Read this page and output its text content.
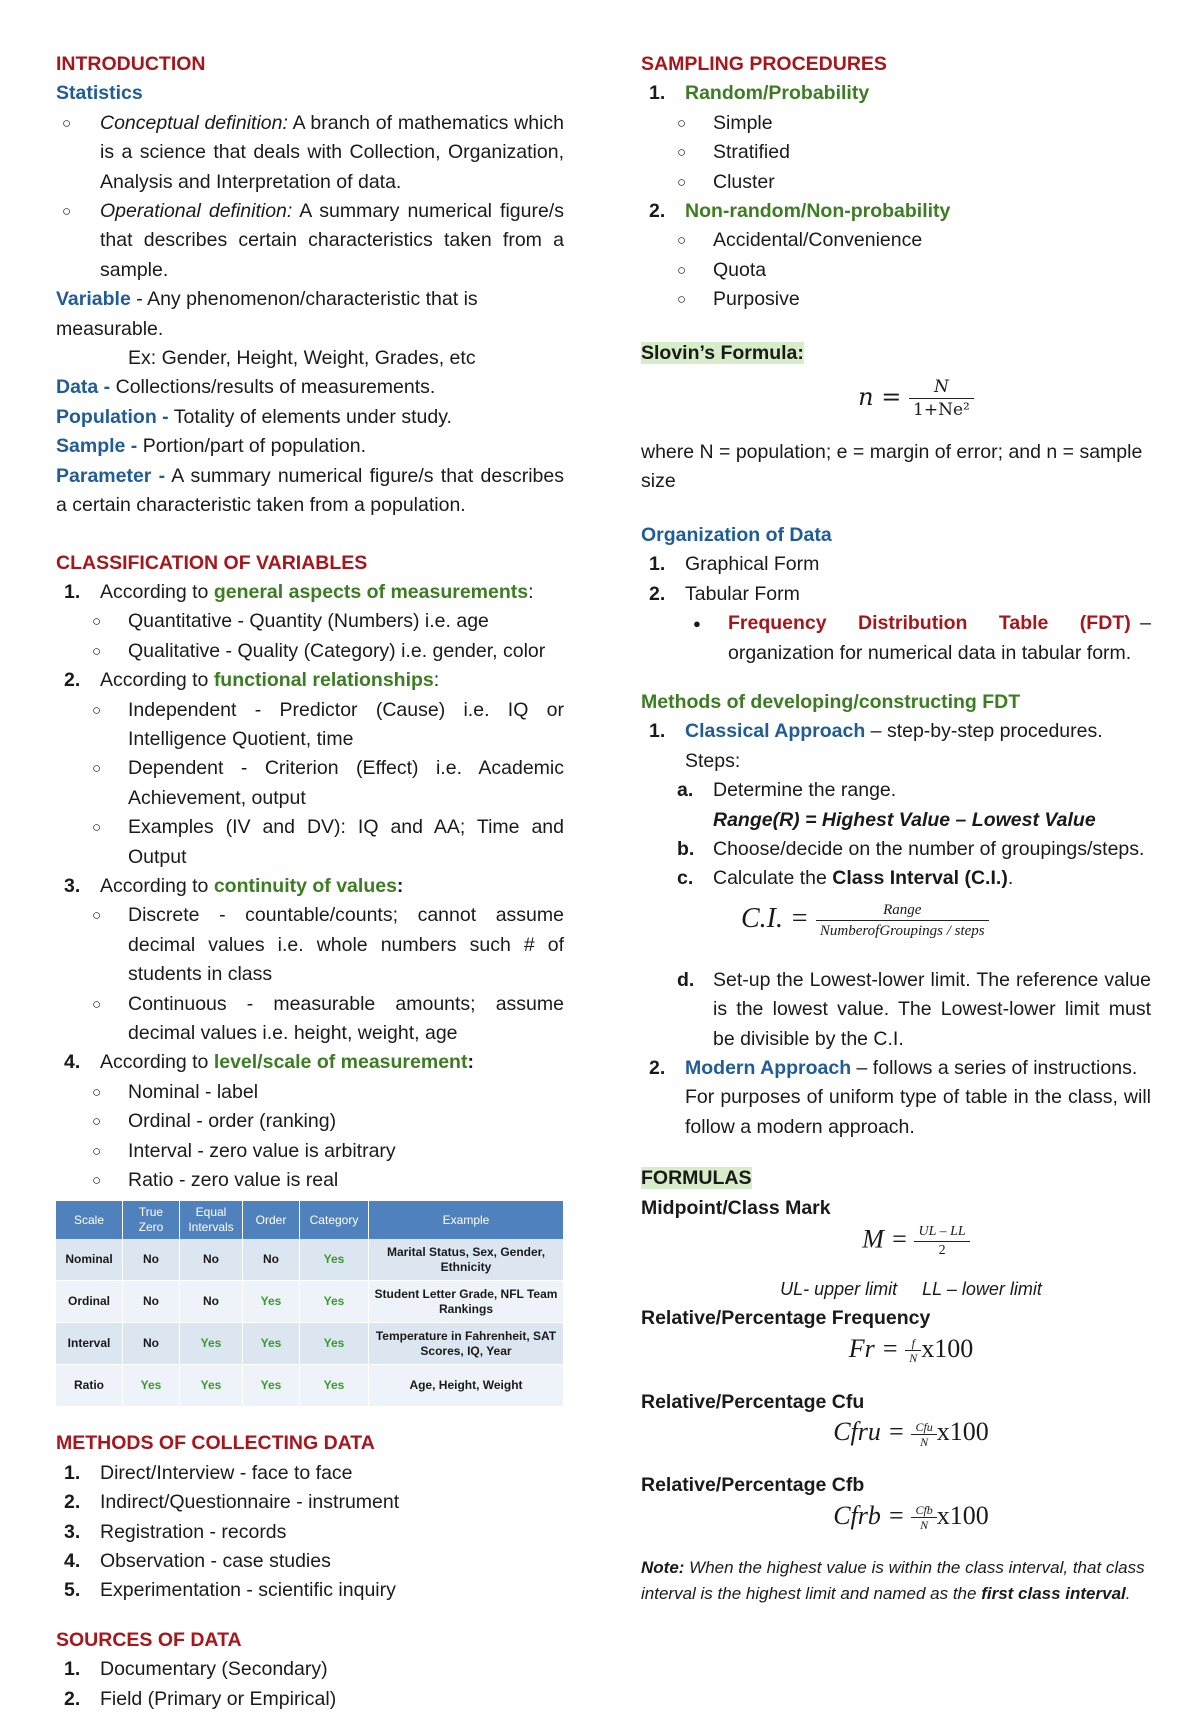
INTRODUCTION
Statistics
○ Conceptual definition: A branch of mathematics which is a science that deals with Collection, Organization, Analysis and Interpretation of data.
○ Operational definition: A summary numerical figure/s that describes certain characteristics taken from a sample.
Variable - Any phenomenon/characteristic that is measurable.
Ex: Gender, Height, Weight, Grades, etc
Data - Collections/results of measurements.
Population - Totality of elements under study.
Sample - Portion/part of population.
Parameter - A summary numerical figure/s that describes a certain characteristic taken from a population.
CLASSIFICATION OF VARIABLES
1. According to general aspects of measurements:
○ Quantitative - Quantity (Numbers) i.e. age
○ Qualitative - Quality (Category) i.e. gender, color
2. According to functional relationships:
○ Independent - Predictor (Cause) i.e. IQ or Intelligence Quotient, time
○ Dependent - Criterion (Effect) i.e. Academic Achievement, output
○ Examples (IV and DV): IQ and AA; Time and Output
3. According to continuity of values:
○ Discrete - countable/counts; cannot assume decimal values i.e. whole numbers such # of students in class
○ Continuous - measurable amounts; assume decimal values i.e. height, weight, age
4. According to level/scale of measurement:
○ Nominal - label
○ Ordinal - order (ranking)
○ Interval - zero value is arbitrary
○ Ratio - zero value is real
Scale	True Zero	Equal Intervals	Order	Category	Example
Nominal	No	No	No	Yes	Marital Status, Sex, Gender, Ethnicity
Ordinal	No	No	Yes	Yes	Student Letter Grade, NFL Team Rankings
Interval	No	Yes	Yes	Yes	Temperature in Fahrenheit, SAT Scores, IQ, Year
Ratio	Yes	Yes	Yes	Yes	Age, Height, Weight
METHODS OF COLLECTING DATA
1. Direct/Interview - face to face
2. Indirect/Questionnaire - instrument
3. Registration - records
4. Observation - case studies
5. Experimentation - scientific inquiry
SOURCES OF DATA
1. Documentary (Secondary)
2. Field (Primary or Empirical)
SAMPLING PROCEDURES
1. Random/Probability
○ Simple
○ Stratified
○ Cluster
2. Non-random/Non-probability
○ Accidental/Convenience
○ Quota
○ Purposive
Slovin’s Formula:
$n = \frac{N}{\text{1+Ne²}}$
where N = population; e = margin of error; and n = sample size
Organization of Data
1. Graphical Form
2. Tabular Form
● Frequency Distribution Table (FDT) – organization for numerical data in tabular form.
Methods of developing/constructing FDT
1. Classical Approach – step-by-step procedures.
Steps:
a. Determine the range.
Range(R) = Highest Value – Lowest Value
b. Choose/decide on the number of groupings/steps.
c. Calculate the Class Interval (C.I.).
C.I. = $\frac{\text{Range}}{\text{NumberofGroupings / steps}}$
d. Set-up the Lowest-lower limit. The reference value is the lowest value. The Lowest-lower limit must be divisible by the C.I.
2. Modern Approach – follows a series of instructions.
For purposes of uniform type of table in the class, will follow a modern approach.
FORMULAS
Midpoint/Class Mark
$M = \frac{UL - LL}{2}$
UL- upper limit     LL – lower limit
Relative/Percentage Frequency
$Fr = \frac{f}{N} x100$
Relative/Percentage Cfu
Cfru = $\frac{\text{Cfu}}{N} x100$
Relative/Percentage Cfb
Cfrb = $\frac{\text{Cfb}}{N} x100$
Note: When the highest value is within the class interval, that class interval is the highest limit and named as the first class interval.
